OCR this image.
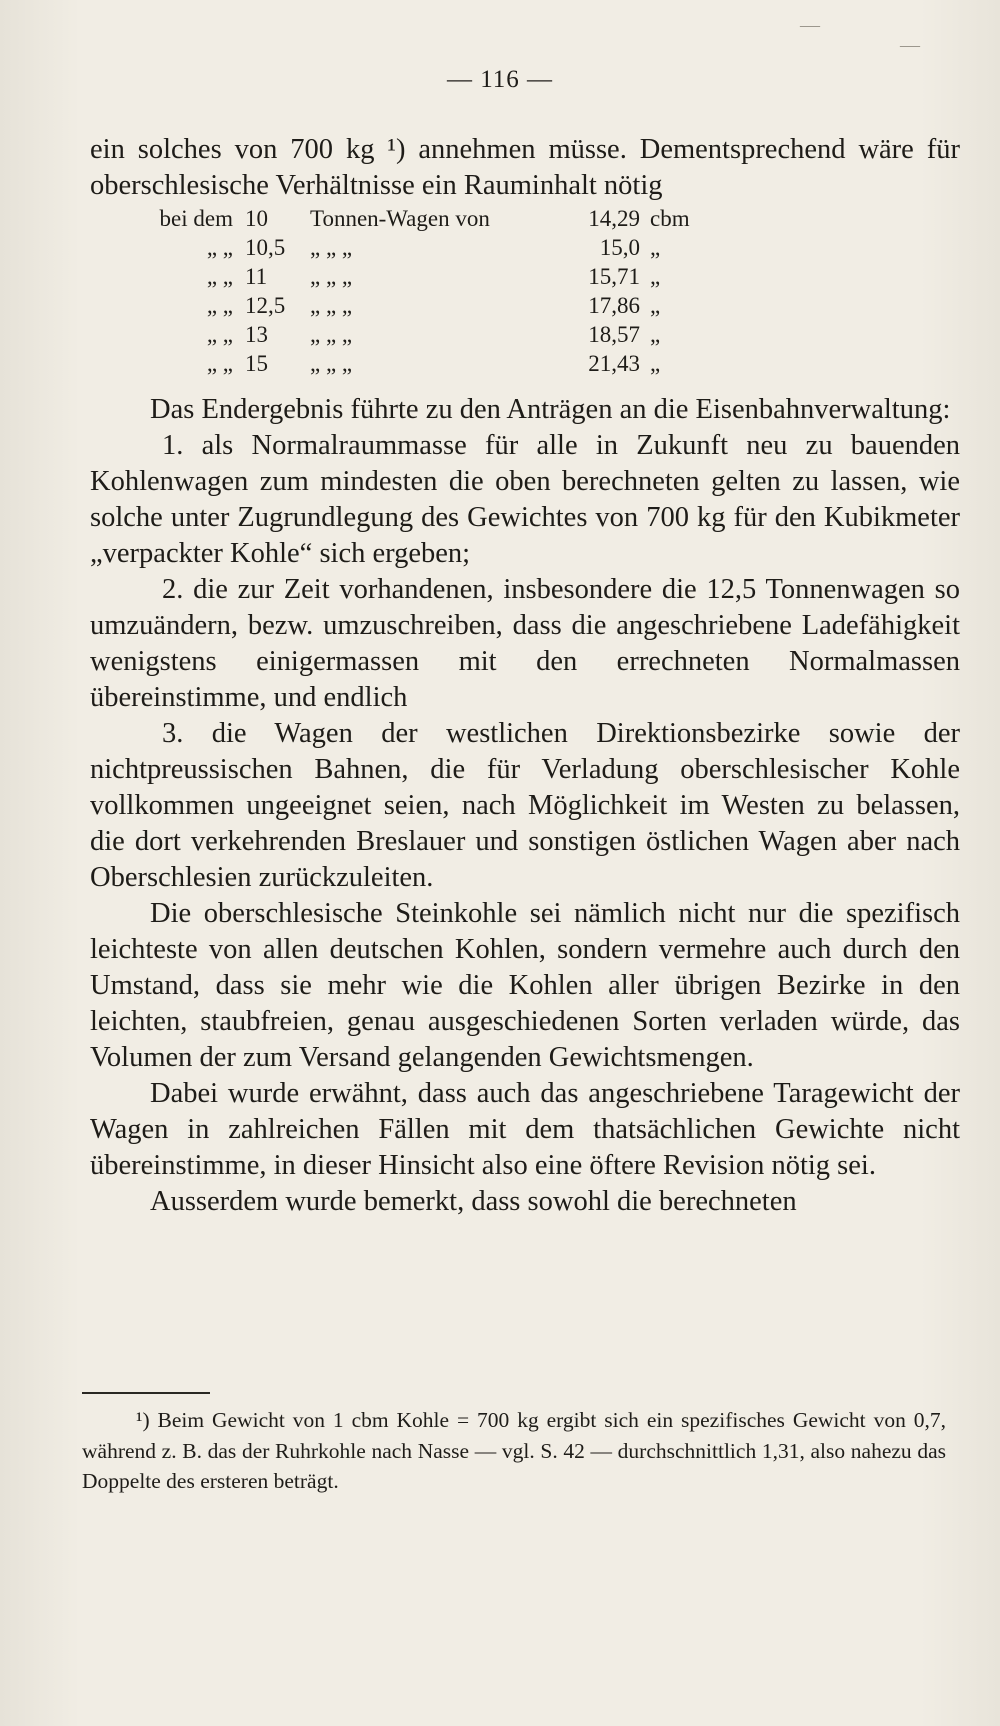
—
—
— 116 —

ein solches von 700 kg ¹) annehmen müsse. Dementsprechend wäre für oberschlesische Verhältnisse ein Rauminhalt nötig

bei dem 10	Tonnen-Wagen von	14,29 cbm
„ „ 10,5	„ „ „	15,0 „
„ „ 11	„ „ „	15,71 „
„ „ 12,5	„ „ „	17,86 „
„ „ 13	„ „ „	18,57 „
„ „ 15	„ „ „	21,43 „

Das Endergebnis führte zu den Anträgen an die Eisenbahnverwaltung:

1. als Normalraummasse für alle in Zukunft neu zu bauenden Kohlenwagen zum mindesten die oben berechneten gelten zu lassen, wie solche unter Zugrundlegung des Gewichtes von 700 kg für den Kubikmeter „verpackter Kohle“ sich ergeben;

2. die zur Zeit vorhandenen, insbesondere die 12,5 Tonnenwagen so umzuändern, bezw. umzuschreiben, dass die angeschriebene Ladefähigkeit wenigstens einigermassen mit den errechneten Normalmassen übereinstimme, und endlich

3. die Wagen der westlichen Direktionsbezirke sowie der nichtpreussischen Bahnen, die für Verladung oberschlesischer Kohle vollkommen ungeeignet seien, nach Möglichkeit im Westen zu belassen, die dort verkehrenden Breslauer und sonstigen östlichen Wagen aber nach Oberschlesien zurückzuleiten.

Die oberschlesische Steinkohle sei nämlich nicht nur die spezifisch leichteste von allen deutschen Kohlen, sondern vermehre auch durch den Umstand, dass sie mehr wie die Kohlen aller übrigen Bezirke in den leichten, staubfreien, genau ausgeschiedenen Sorten verladen würde, das Volumen der zum Versand gelangenden Gewichtsmengen.

Dabei wurde erwähnt, dass auch das angeschriebene Taragewicht der Wagen in zahlreichen Fällen mit dem thatsächlichen Gewichte nicht übereinstimme, in dieser Hinsicht also eine öftere Revision nötig sei.

Ausserdem wurde bemerkt, dass sowohl die berechneten

¹) Beim Gewicht von 1 cbm Kohle = 700 kg ergibt sich ein spezifisches Gewicht von 0,7, während z. B. das der Ruhrkohle nach Nasse — vgl. S. 42 — durchschnittlich 1,31, also nahezu das Doppelte des ersteren beträgt.
